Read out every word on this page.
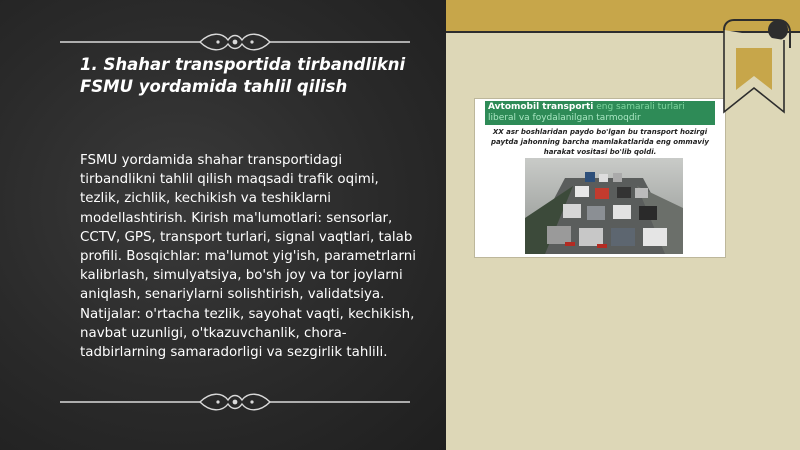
1. Shahar transportida tirbandlikni FSMU yordamida tahlil qilish

FSMU yordamida shahar transportidagi tirbandlikni tahlil qilish maqsadi trafik oqimi, tezlik, zichlik, kechikish va teshiklarni modellashtirish. Kirish ma'lumotlari: sensorlar, CCTV, GPS, transport turlari, signal vaqtlari, talab profili. Bosqichlar: ma'lumot yig'ish, parametrlarni kalibrlash, simulyatsiya, bo'sh joy va tor joylarni aniqlash, senariylarni solishtirish, validatsiya. Natijalar: o'rtacha tezlik, sayohat vaqti, kechikish, navbat uzunligi, o'tkazuvchanlik, chora-tadbirlarning samaradorligi va sezgirlik tahlili.

Avtomobil transporti eng samarali turlari
liberal va foydalanilgan tarmoqdir
XX asr boshlaridan paydo bo'lgan bu transport hozirgi paytda jahonning barcha mamlakatlarida eng ommaviy harakat vositasi bo'lib qoldi.
